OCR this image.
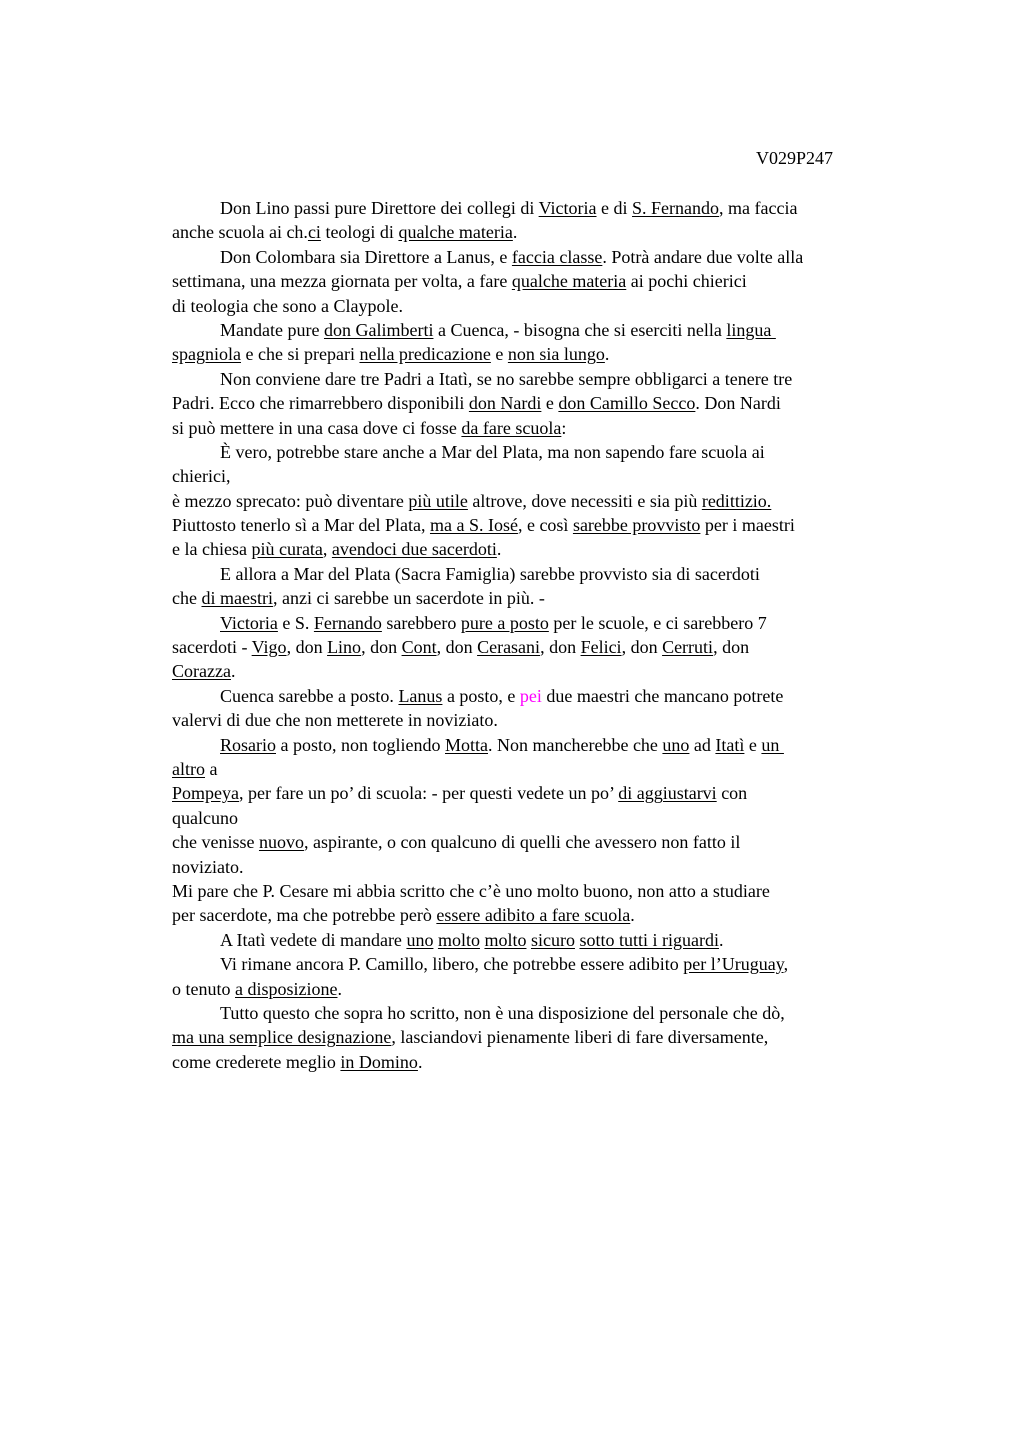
V029P247
Don Lino passi pure Direttore dei collegi di Victoria e di S. Fernando, ma faccia
anche scuola ai ch.ci teologi di qualche materia.
Don Colombara sia Direttore a Lanus, e faccia classe. Potrà andare due volte alla
settimana, una mezza giornata per volta, a fare qualche materia ai pochi chierici
di teologia che sono a Claypole.
Mandate pure don Galimberti a Cuenca, - bisogna che si eserciti nella lingua
spagniola e che si prepari nella predicazione e non sia lungo.
Non conviene dare tre Padri a Itatì, se no sarebbe sempre obbligarci a tenere tre
Padri. Ecco che rimarrebbero disponibili don Nardi e don Camillo Secco. Don Nardi
si può mettere in una casa dove ci fosse da fare scuola:
È vero, potrebbe stare anche a Mar del Plata, ma non sapendo fare scuola ai
chierici,
è mezzo sprecato: può diventare più utile altrove, dove necessiti e sia più redittizio.
Piuttosto tenerlo sì a Mar del Plata, ma a S. Iosé, e così sarebbe provvisto per i maestri
e la chiesa più curata, avendoci due sacerdoti.
E allora a Mar del Plata (Sacra Famiglia) sarebbe provvisto sia di sacerdoti
che di maestri, anzi ci sarebbe un sacerdote in più. -
Victoria e S. Fernando sarebbero pure a posto per le scuole, e ci sarebbero 7
sacerdoti - Vigo, don Lino, don Cont, don Cerasani, don Felici, don Cerruti, don
Corazza.
Cuenca sarebbe a posto. Lanus a posto, e pei due maestri che mancano potrete
valervi di due che non metterete in noviziato.
Rosario a posto, non togliendo Motta. Non mancherebbe che uno ad Itatì e un
altro a
Pompeya, per fare un po’ di scuola: - per questi vedete un po’ di aggiustarvi con
qualcuno
che venisse nuovo, aspirante, o con qualcuno di quelli che avessero non fatto il
noviziato.
Mi pare che P. Cesare mi abbia scritto che c’è uno molto buono, non atto a studiare
per sacerdote, ma che potrebbe però essere adibito a fare scuola.
A Itatì vedete di mandare uno molto molto sicuro sotto tutti i riguardi.
Vi rimane ancora P. Camillo, libero, che potrebbe essere adibito per l’Uruguay,
o tenuto a disposizione.
Tutto questo che sopra ho scritto, non è una disposizione del personale che dò,
ma una semplice designazione, lasciandovi pienamente liberi di fare diversamente,
come crederete meglio in Domino.
